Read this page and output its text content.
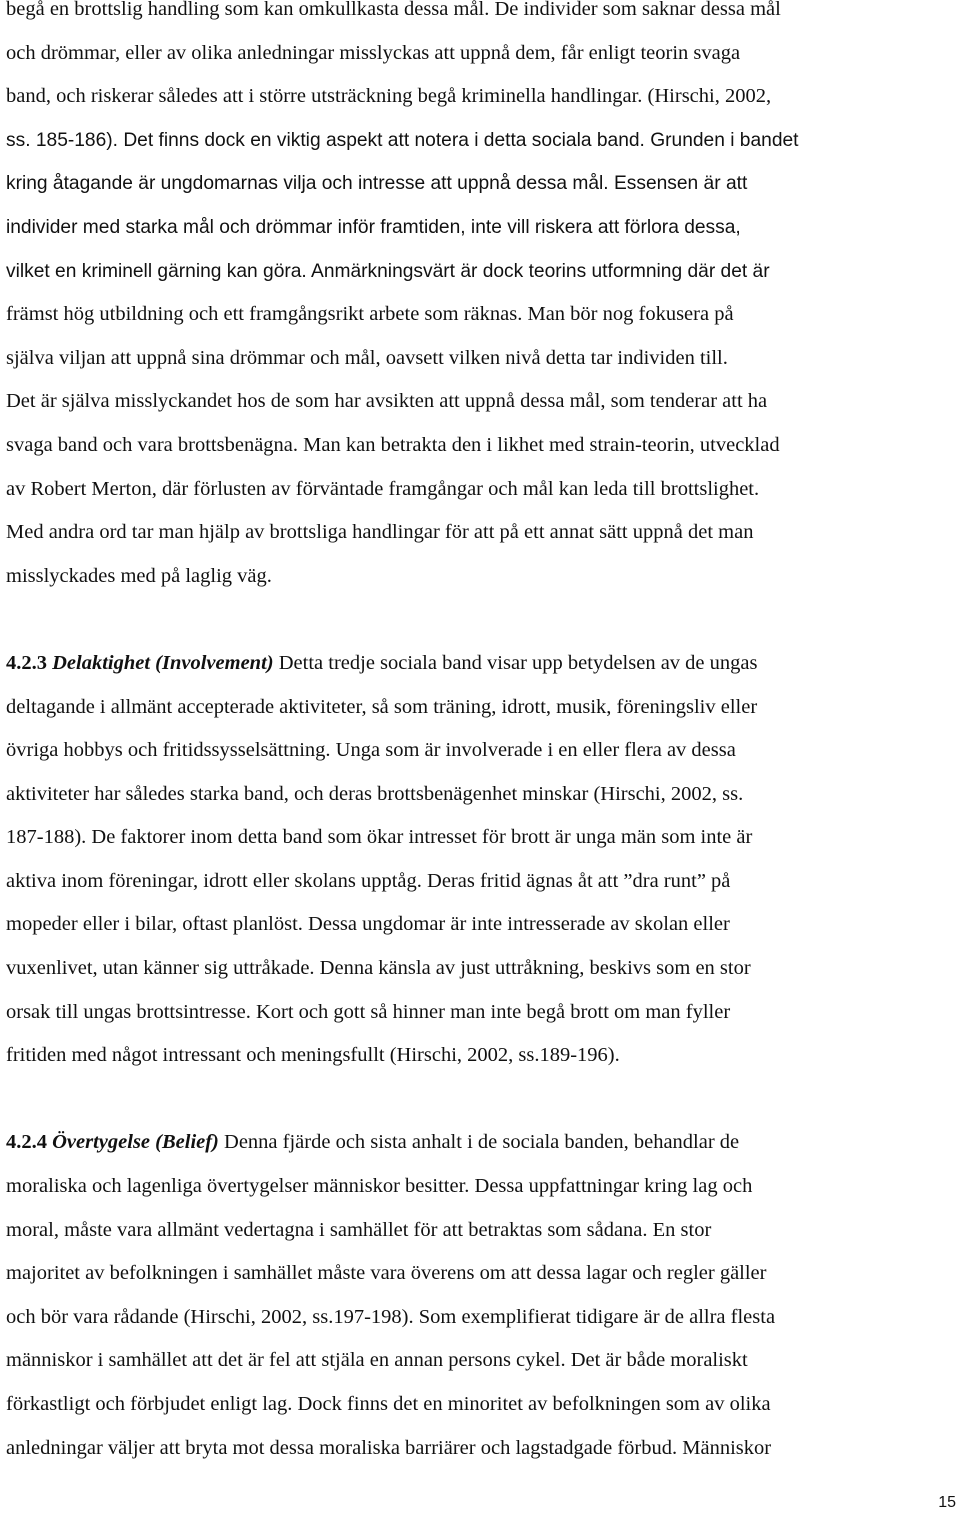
begå en brottslig handling som kan omkullkasta dessa mål. De individer som saknar dessa mål
och drömmar, eller av olika anledningar misslyckas att uppnå dem, får enligt teorin svaga
band, och riskerar således att i större utsträckning begå kriminella handlingar. (Hirschi, 2002,
ss. 185-186). Det finns dock en viktig aspekt att notera i detta sociala band. Grunden i bandet
kring åtagande är ungdomarnas vilja och intresse att uppnå dessa mål. Essensen är att
individer med starka mål och drömmar inför framtiden, inte vill riskera att förlora dessa,
vilket en kriminell gärning kan göra. Anmärkningsvärt är dock teorins utformning där det är
främst hög utbildning och ett framgångsrikt arbete som räknas. Man bör nog fokusera på
själva viljan att uppnå sina drömmar och mål, oavsett vilken nivå detta tar individen till.
Det är själva misslyckandet hos de som har avsikten att uppnå dessa mål, som tenderar att ha
svaga band och vara brottsbenägna. Man kan betrakta den i likhet med strain-teorin, utvecklad
av Robert Merton, där förlusten av förväntade framgångar och mål kan leda till brottslighet.
Med andra ord tar man hjälp av brottsliga handlingar för att på ett annat sätt uppnå det man
misslyckades med på laglig väg.
4.2.3 Delaktighet (Involvement) Detta tredje sociala band visar upp betydelsen av de ungas
deltagande i allmänt accepterade aktiviteter, så som träning, idrott, musik, föreningsliv eller
övriga hobbys och fritidssysselsättning. Unga som är involverade i en eller flera av dessa
aktiviteter har således starka band, och deras brottsbenägenhet minskar (Hirschi, 2002, ss.
187-188). De faktorer inom detta band som ökar intresset för brott är unga män som inte är
aktiva inom föreningar, idrott eller skolans upptåg. Deras fritid ägnas åt att ”dra runt” på
mopeder eller i bilar, oftast planlöst. Dessa ungdomar är inte intresserade av skolan eller
vuxenlivet, utan känner sig uttråkade. Denna känsla av just uttråkning, beskivs som en stor
orsak till ungas brottsintresse. Kort och gott så hinner man inte begå brott om man fyller
fritiden med något intressant och meningsfullt (Hirschi, 2002, ss.189-196).
4.2.4 Övertygelse (Belief) Denna fjärde och sista anhalt i de sociala banden, behandlar de
moraliska och lagenliga övertygelser människor besitter. Dessa uppfattningar kring lag och
moral, måste vara allmänt vedertagna i samhället för att betraktas som sådana. En stor
majoritet av befolkningen i samhället måste vara överens om att dessa lagar och regler gäller
och bör vara rådande (Hirschi, 2002, ss.197-198). Som exemplifierat tidigare är de allra flesta
människor i samhället att det är fel att stjäla en annan persons cykel. Det är både moraliskt
förkastligt och förbjudet enligt lag. Dock finns det en minoritet av befolkningen som av olika
anledningar väljer att bryta mot dessa moraliska barriärer och lagstadgade förbud. Människor
15
